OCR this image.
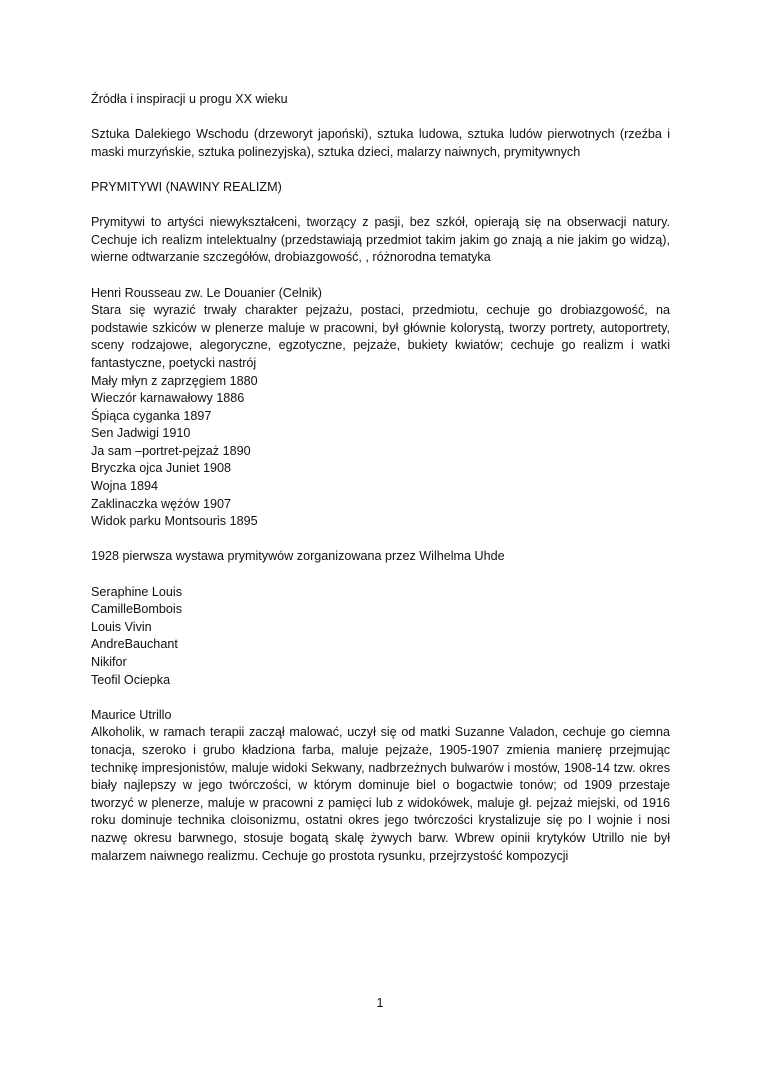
Źródła i inspiracji u progu XX wieku

Sztuka Dalekiego Wschodu (drzeworyt japoński), sztuka ludowa, sztuka ludów pierwotnych (rzeźba i maski murzyńskie, sztuka polinezyjska), sztuka dzieci, malarzy naiwnych, prymitywnych

PRYMITYWI (NAWINY REALIZM)

Prymitywi to artyści niewykształceni, tworzący z pasji, bez szkół, opierają się na obserwacji natury. Cechuje ich realizm intelektualny (przedstawiają przedmiot takim jakim go znają a nie jakim go widzą), wierne odtwarzanie szczegółów, drobiazgowość, , różnorodna tematyka

Henri Rousseau zw. Le Douanier (Celnik)

Stara się wyrazić trwały charakter pejzażu, postaci, przedmiotu, cechuje go drobiazgowość, na podstawie szkiców w plenerze maluje w pracowni, był głównie kolorystą, tworzy portrety, autoportrety, sceny rodzajowe, alegoryczne, egzotyczne, pejzaże, bukiety kwiatów; cechuje go realizm i watki fantastyczne, poetycki nastrój

Mały młyn z zaprzęgiem 1880
Wieczór karnawałowy 1886
Śpiąca cyganka 1897
Sen Jadwigi 1910
Ja sam –portret-pejzaż 1890
Bryczka ojca Juniet 1908
Wojna 1894
Zaklinaczka wężów 1907
Widok parku Montsouris 1895

1928 pierwsza wystawa prymitywów zorganizowana przez Wilhelma Uhde

Seraphine Louis
CamilleBombois
Louis Vivin
AndreBauchant
Nikifor
Teofil Ociepka

Maurice Utrillo

Alkoholik, w ramach terapii zaczął malować, uczył się od matki Suzanne Valadon, cechuje go ciemna tonacja, szeroko i grubo kładziona farba, maluje pejzaże, 1905-1907 zmienia manierę przejmując technikę impresjonistów, maluje widoki Sekwany, nadbrzeżnych bulwarów i mostów, 1908-14 tzw. okres biały najlepszy w jego twórczości, w którym dominuje biel o bogactwie tonów; od 1909 przestaje tworzyć w plenerze, maluje w pracowni z pamięci lub z widokówek, maluje gł. pejzaż miejski, od 1916 roku dominuje technika cloisonizmu, ostatni okres jego twórczości krystalizuje się po I wojnie i nosi nazwę okresu barwnego, stosuje bogatą skalę żywych barw. Wbrew opinii krytyków Utrillo nie był malarzem naiwnego realizmu. Cechuje go prostota rysunku, przejrzystość kompozycji

1
